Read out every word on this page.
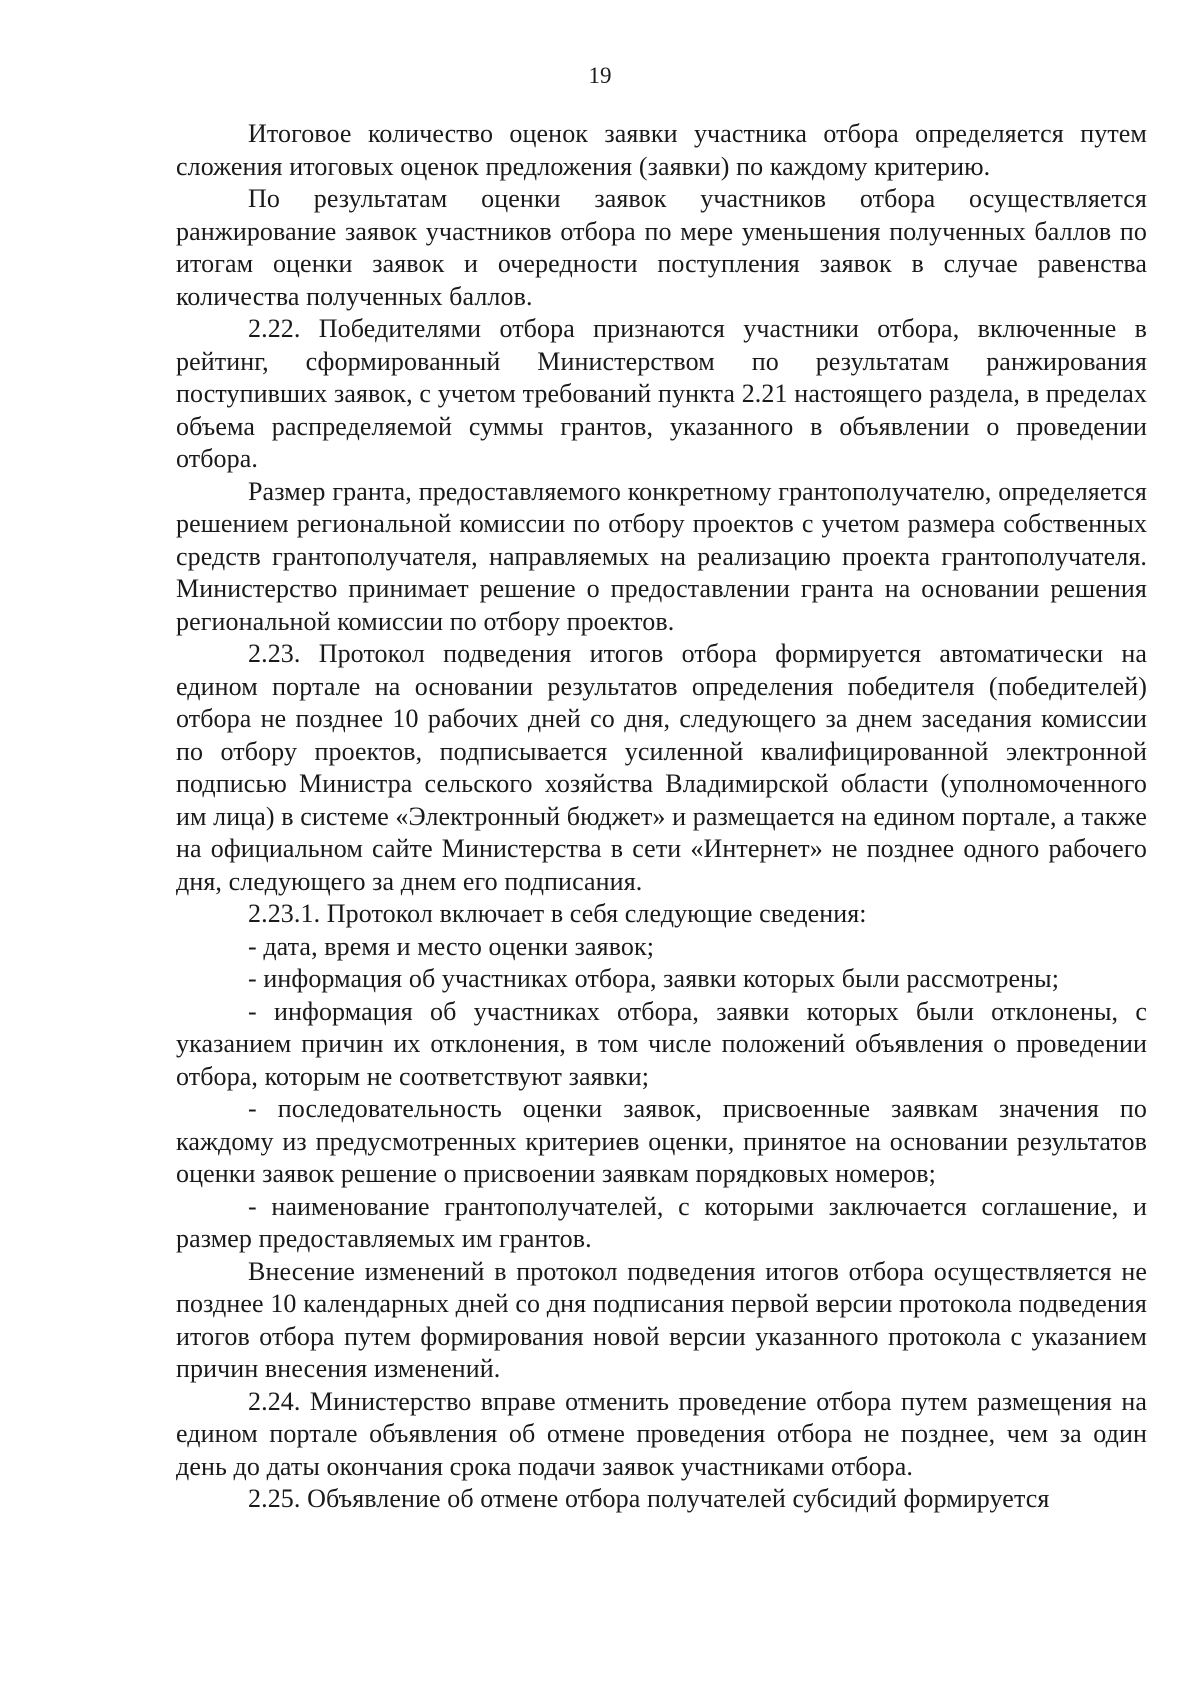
19

Итоговое количество оценок заявки участника отбора определяется путем сложения итоговых оценок предложения (заявки) по каждому критерию.

По результатам оценки заявок участников отбора осуществляется ранжирование заявок участников отбора по мере уменьшения полученных баллов по итогам оценки заявок и очередности поступления заявок в случае равенства количества полученных баллов.

2.22. Победителями отбора признаются участники отбора, включенные в рейтинг, сформированный Министерством по результатам ранжирования поступивших заявок, с учетом требований пункта 2.21 настоящего раздела, в пределах объема распределяемой суммы грантов, указанного в объявлении о проведении отбора.

Размер гранта, предоставляемого конкретному грантополучателю, определяется решением региональной комиссии по отбору проектов с учетом размера собственных средств грантополучателя, направляемых на реализацию проекта грантополучателя. Министерство принимает решение о предоставлении гранта на основании решения региональной комиссии по отбору проектов.

2.23. Протокол подведения итогов отбора формируется автоматически на едином портале на основании результатов определения победителя (победителей) отбора не позднее 10 рабочих дней со дня, следующего за днем заседания комиссии по отбору проектов, подписывается усиленной квалифицированной электронной подписью Министра сельского хозяйства Владимирской области (уполномоченного им лица) в системе «Электронный бюджет» и размещается на едином портале, а также на официальном сайте Министерства в сети «Интернет» не позднее одного рабочего дня, следующего за днем его подписания.

2.23.1. Протокол включает в себя следующие сведения:

- дата, время и место оценки заявок;

- информация об участниках отбора, заявки которых были рассмотрены;

- информация об участниках отбора, заявки которых были отклонены, с указанием причин их отклонения, в том числе положений объявления о проведении отбора, которым не соответствуют заявки;

- последовательность оценки заявок, присвоенные заявкам значения по каждому из предусмотренных критериев оценки, принятое на основании результатов оценки заявок решение о присвоении заявкам порядковых номеров;

- наименование грантополучателей, с которыми заключается соглашение, и размер предоставляемых им грантов.

Внесение изменений в протокол подведения итогов отбора осуществляется не позднее 10 календарных дней со дня подписания первой версии протокола подведения итогов отбора путем формирования новой версии указанного протокола с указанием причин внесения изменений.

2.24. Министерство вправе отменить проведение отбора путем размещения на едином портале объявления об отмене проведения отбора не позднее, чем за один день до даты окончания срока подачи заявок участниками отбора.

2.25. Объявление об отмене отбора получателей субсидий формируется
